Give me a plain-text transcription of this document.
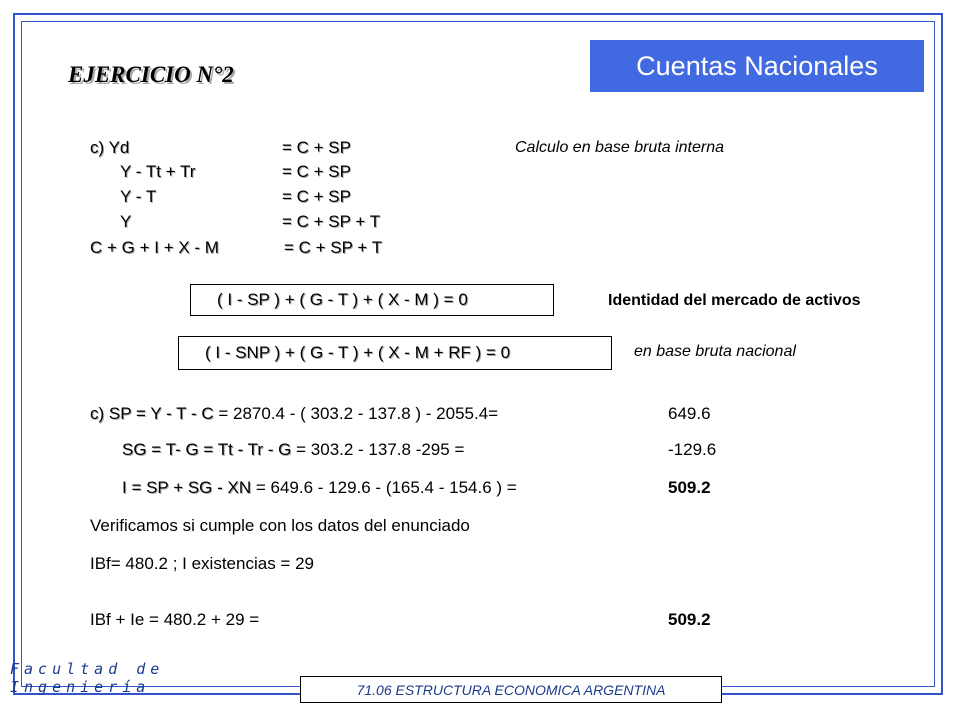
Cuentas Nacionales
EJERCICIO N°2
c) Yd	= C + SP	Calculo en base bruta interna
Y - Tt + Tr	= C + SP
Y - T	= C + SP
Y	= C + SP + T
C + G + I + X - M	= C + SP + T
( I - SP ) + ( G - T ) + ( X - M ) = 0	Identidad del mercado de activos
( I - SNP ) + ( G - T ) + ( X - M + RF ) = 0	en base bruta nacional
c) SP = Y - T - C = 2870.4 - ( 303.2 - 137.8 ) - 2055.4=	649.6
SG = T- G = Tt - Tr - G = 303.2 - 137.8 -295 =	-129.6
I = SP + SG - XN = 649.6 - 129.6 - (165.4 - 154.6 ) =	509.2
Verificamos si cumple con los datos del enunciado
IBf= 480.2 ; I existencias = 29
IBf + Ie = 480.2 + 29 =	509.2
Facultad de
Ingeniería	71.06 ESTRUCTURA ECONOMICA ARGENTINA
